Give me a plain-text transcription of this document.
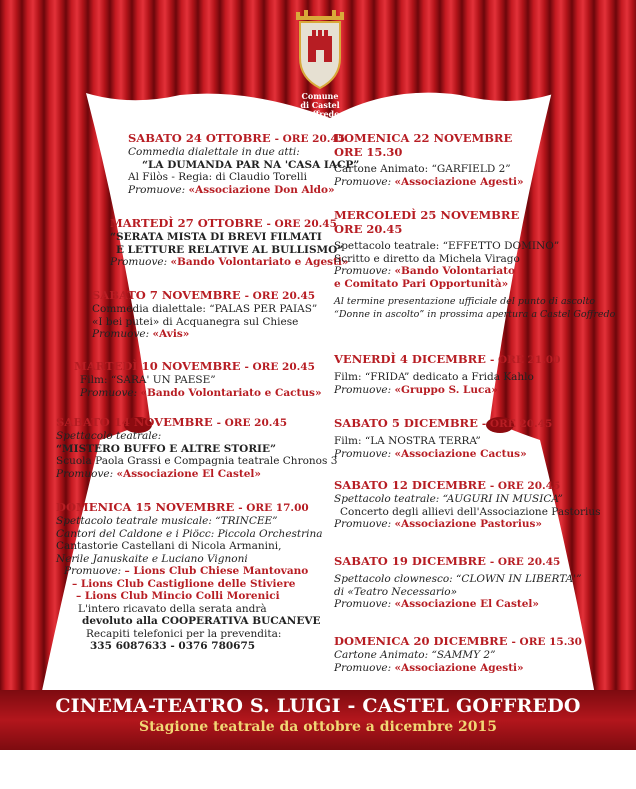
Comune
di Castel Goffredo
SABATO 24 OTTOBRE - ORE 20.45
Commedia dialettale in due atti:
“LA DUMANDA PAR NA 'CASA IACP”
Al Filòs - Regia: di Claudio Torelli
Promuove: «Associazione Don Aldo»
MARTEDÌ 27 OTTOBRE - ORE 20.45
“SERATA MISTA DI BREVI FILMATI
E LETTURE RELATIVE AL BULLISMO”
Promuove: «Bando Volontariato e Agesti»
SABATO 7 NOVEMBRE - ORE 20.45
Commedia dialettale: “PALAS PER PAIAS”
«I bei putei» di Acquanegra sul Chiese
Promuove: «Avis»
MARTEDÌ 10 NOVEMBRE - ORE 20.45
Film: “SARA' UN PAESE”
Promuove: «Bando Volontariato e Cactus»
SABATO 14 NOVEMBRE - ORE 20.45
Spettacolo teatrale:
“MISTERO BUFFO E ALTRE STORIE”
Scuola Paola Grassi e Compagnia teatrale Chronos 3
Promuove: «Associazione El Castel»
DOMENICA 15 NOVEMBRE - ORE 17.00
Spettacolo teatrale musicale: “TRINCEE”
Cantori del Caldone e i Piöcc: Piccola Orchestrina
Cantastorie Castellani di Nicola Armanini,
Nerile Januskaite e Luciano Vignoni
Promuove: – Lions Club Chiese Mantovano
– Lions Club Castiglione delle Stiviere
– Lions Club Mincio Colli Morenici
L'intero ricavato della serata andrà
devoluto alla COOPERATIVA BUCANEVE
Recapiti telefonici per la prevendita:
335 6087633 - 0376 780675
DOMENICA 22 NOVEMBRE
ORE 15.30
Cartone Animato: “GARFIELD 2”
Promuove: «Associazione Agesti»
MERCOLEDÌ 25 NOVEMBRE
ORE 20.45
Spettacolo teatrale: “EFFETTO DOMINO”
Scritto e diretto da Michela Virago
Promuove: «Bando Volontariato
e Comitato Pari Opportunità»
Al termine presentazione ufficiale del punto di ascolto
“Donne in ascolto” in prossima apertura a Castel Goffredo
VENERDÌ 4 DICEMBRE - ORE 21.00
Film: “FRIDA” dedicato a Frida Kahlo
Promuove: «Gruppo S. Luca»
SABATO 5 DICEMBRE - ORE 20.45
Film: “LA NOSTRA TERRA”
Promuove: «Associazione Cactus»
SABATO 12 DICEMBRE - ORE 20.45
Spettacolo teatrale: “AUGURI IN MUSICA”
Concerto degli allievi dell'Associazione Pastorius
Promuove: «Associazione Pastorius»
SABATO 19 DICEMBRE - ORE 20.45
Spettacolo clownesco: “CLOWN IN LIBERTA'”
di «Teatro Necessario»
Promuove: «Associazione El Castel»
DOMENICA 20 DICEMBRE - ORE 15.30
Cartone Animato: “SAMMY 2”
Promuove: «Associazione Agesti»
CINEMA-TEATRO S. LUIGI - CASTEL GOFFREDO
Stagione teatrale da ottobre a dicembre 2015
